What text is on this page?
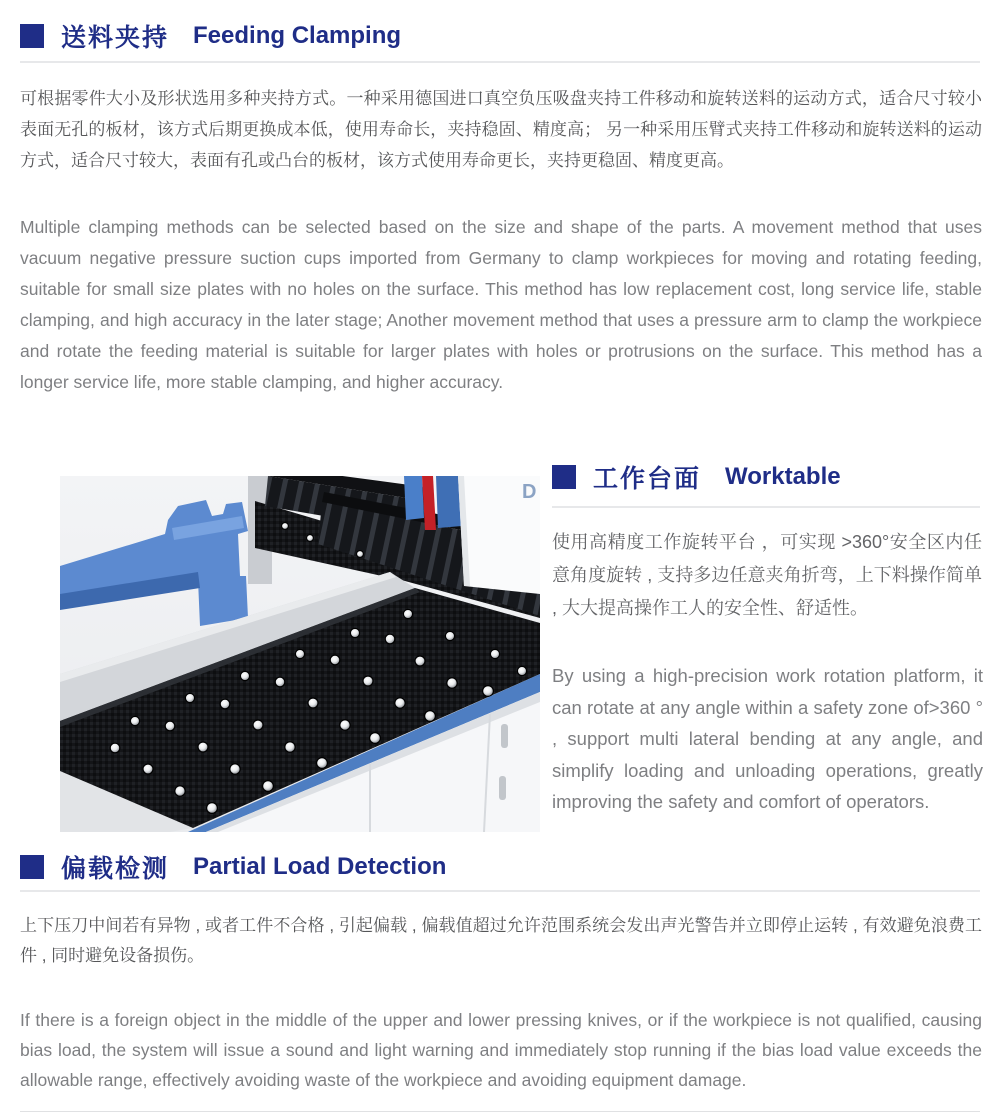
送料夹持 Feeding Clamping

可根据零件大小及形状选用多种夹持方式。一种采用德国进口真空负压吸盘夹持工件移动和旋转送料的运动方式，适合尺寸较小表面无孔的板材，该方式后期更换成本低，使用寿命长，夹持稳固、精度高； 另一种采用压臂式夹持工件移动和旋转送料的运动方式，适合尺寸较大，表面有孔或凸台的板材，该方式使用寿命更长，夹持更稳固、精度更高。

Multiple clamping methods can be selected based on the size and shape of the parts. A movement method that uses vacuum negative pressure suction cups imported from Germany to clamp workpieces for moving and rotating feeding, suitable for small size plates with no holes on the surface. This method has low replacement cost, long service life, stable clamping, and high accuracy in the later stage; Another movement method that uses a pressure arm to clamp the workpiece and rotate the feeding material is suitable for larger plates with holes or protrusions on the surface. This method has a longer service life, more stable clamping, and higher accuracy.

D 工作台面 Worktable

使用高精度工作旋转平台 ，可实现 >360°安全区内任意角度旋转 , 支持多边任意夹角折弯，上下料操作简单 , 大大提高操作工人的安全性、舒适性。

By using a high-precision work rotation platform, it can rotate at any angle within a safety zone of>360 ° , support multi lateral bending at any angle, and simplify loading and unloading operations, greatly improving the safety and comfort of operators.

偏载检测 Partial Load Detection

上下压刀中间若有异物 , 或者工件不合格 , 引起偏载 , 偏载值超过允许范围系统会发出声光警告并立即停止运转 , 有效避免浪费工件 , 同时避免设备损伤。

If there is a foreign object in the middle of the upper and lower pressing knives, or if the workpiece is not qualified, causing bias load, the system will issue a sound and light warning and immediately stop running if the bias load value exceeds the allowable range, effectively avoiding waste of the workpiece and avoiding equipment damage.
